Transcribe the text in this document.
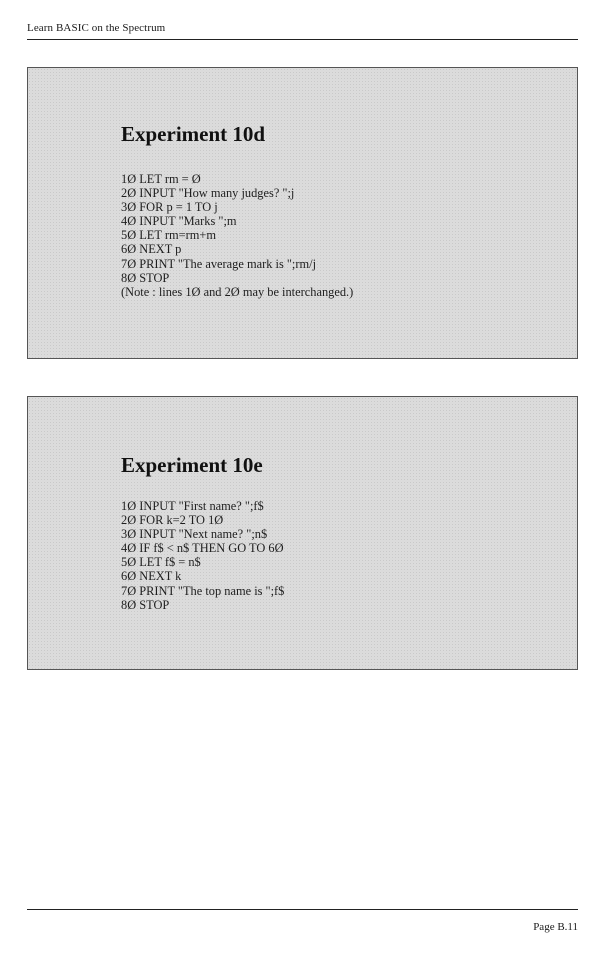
Learn BASIC on the Spectrum
Experiment 10d
1Ø LET rm = Ø
2Ø INPUT "How many judges? ";j
3Ø FOR p = 1 TO j
4Ø INPUT "Marks ";m
5Ø LET rm=rm+m
6Ø NEXT p
7Ø PRINT "The average mark is ";rm/j
8Ø STOP
(Note : lines 1Ø and 2Ø may be interchanged.)
Experiment 10e
1Ø INPUT "First name? ";f$
2Ø FOR k=2 TO 1Ø
3Ø INPUT "Next name? ";n$
4Ø IF f$ < n$ THEN GO TO 6Ø
5Ø LET f$ = n$
6Ø NEXT k
7Ø PRINT "The top name is ";f$
8Ø STOP
Page B.11
